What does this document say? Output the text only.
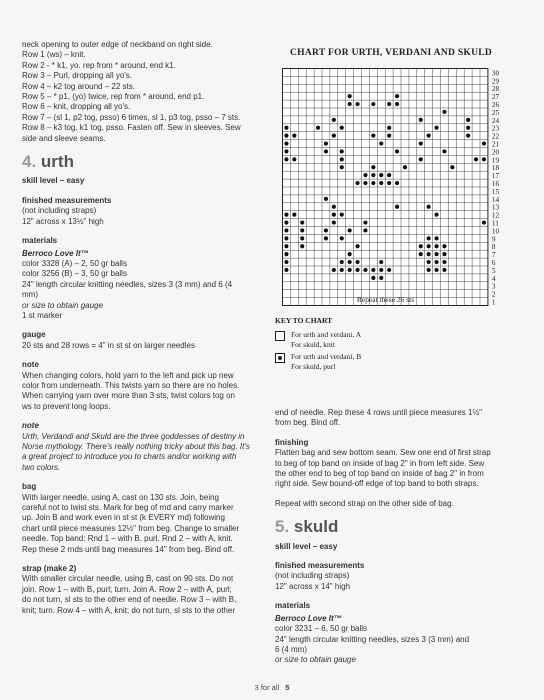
neck opening to outer edge of neckband on right side.

Row 1 (ws) – knit.

Row 2 - * k1, yo. rep from * around, end k1.

Row 3 – Purl, dropping all yo's.

Row 4 – k2 tog around – 22 sts.

Row 5 – * p1, (yo) twice, rep from * around, end p1.

Row 6 – knit, dropping all yo's.

Row 7 – (sl 1, p2 tog, psso) 6 times, sl 1, p3 tog, psso – 7 sts.

Row 8 – k3 tog, k1 tog, psso. Fasten off. Sew in sleeves. Sew

side and sleeve seams.

4. urth

skill level – easy

finished measurements

(not including straps)

12" across x 13½" high

materials

Berroco Love It™

color 3328 (A) – 2, 50 gr balls

color 3256 (B) – 3, 50 gr balls

24" length circular knitting needles, sizes 3 (3 mm) and 6 (4

mm)

or size to obtain gauge

1 st marker

gauge

20 sts and 28 rows = 4" in st st on larger needles

note

When changing colors, hold yarn to the left and pick up new

color from underneath. This twists yarn so there are no holes.

When carrying yarn over more than 3 sts, twist colors tog on

ws to prevent long loops.

note

Urth, Verdandi and Skuld are the three goddesses of destiny in

Norse mythology. There's really nothing tricky about this bag. It's

a great project to introduce you to charts and/or working with

two colors.

bag

With larger needle, using A, cast on 130 sts. Join, being

careful not to twist sts. Mark for beg of rnd and carry marker

up. Join B and work even in st st (k EVERY rnd) following

chart until piece measures 12½" from beg. Change to smaller

needle. Top band: Rnd 1 – with B, purl. Rnd 2 – with A, knit.

Rep these 2 rnds until bag measures 14" from beg. Bind off.

strap (make 2)

With smaller circular needle, using B, cast on 90 sts. Do not

join. Row 1 – with B, purl; turn. Join A. Row 2 – with A, purl;

do not turn, sl sts to the other end of needle. Row 3 – with B,

knit; turn. Row 4 – with A, knit; do not turn, sl sts to the other

CHART FOR URTH, VERDANI AND SKULD
30
29
28
27
26
25
24
23
22
21
20
19
18
17
16
15
14
13
12
11
10
9
8
7
6
5
4
3
2
1
Repeat these 26 sts
KEY TO CHART

For urth and verdani, A

For skuld, knit

For urth and verdani, B

For skuld, purl

end of needle. Rep these 4 rows until piece measures 1½"

from beg. Bind off.

finishing

Flatten bag and sew bottom seam. Sew one end of first strap

to beg of top band on inside of bag 2" in from left side. Sew

the other end to beg of top band on inside of bag 2" in from

right side. Sew bound-off edge of top band to both straps.

Repeat with second strap on the other side of bag.

5. skuld

skill level – easy

finished measurements

(not including straps)

12" across x 14" high

materials

Berroco Love It™

color 3231 – 6, 50 gr balls

24" length circular knitting needles, sizes 3 (3 mm) and

6 (4 mm)

or size to obtain gauge

3 for all 5
